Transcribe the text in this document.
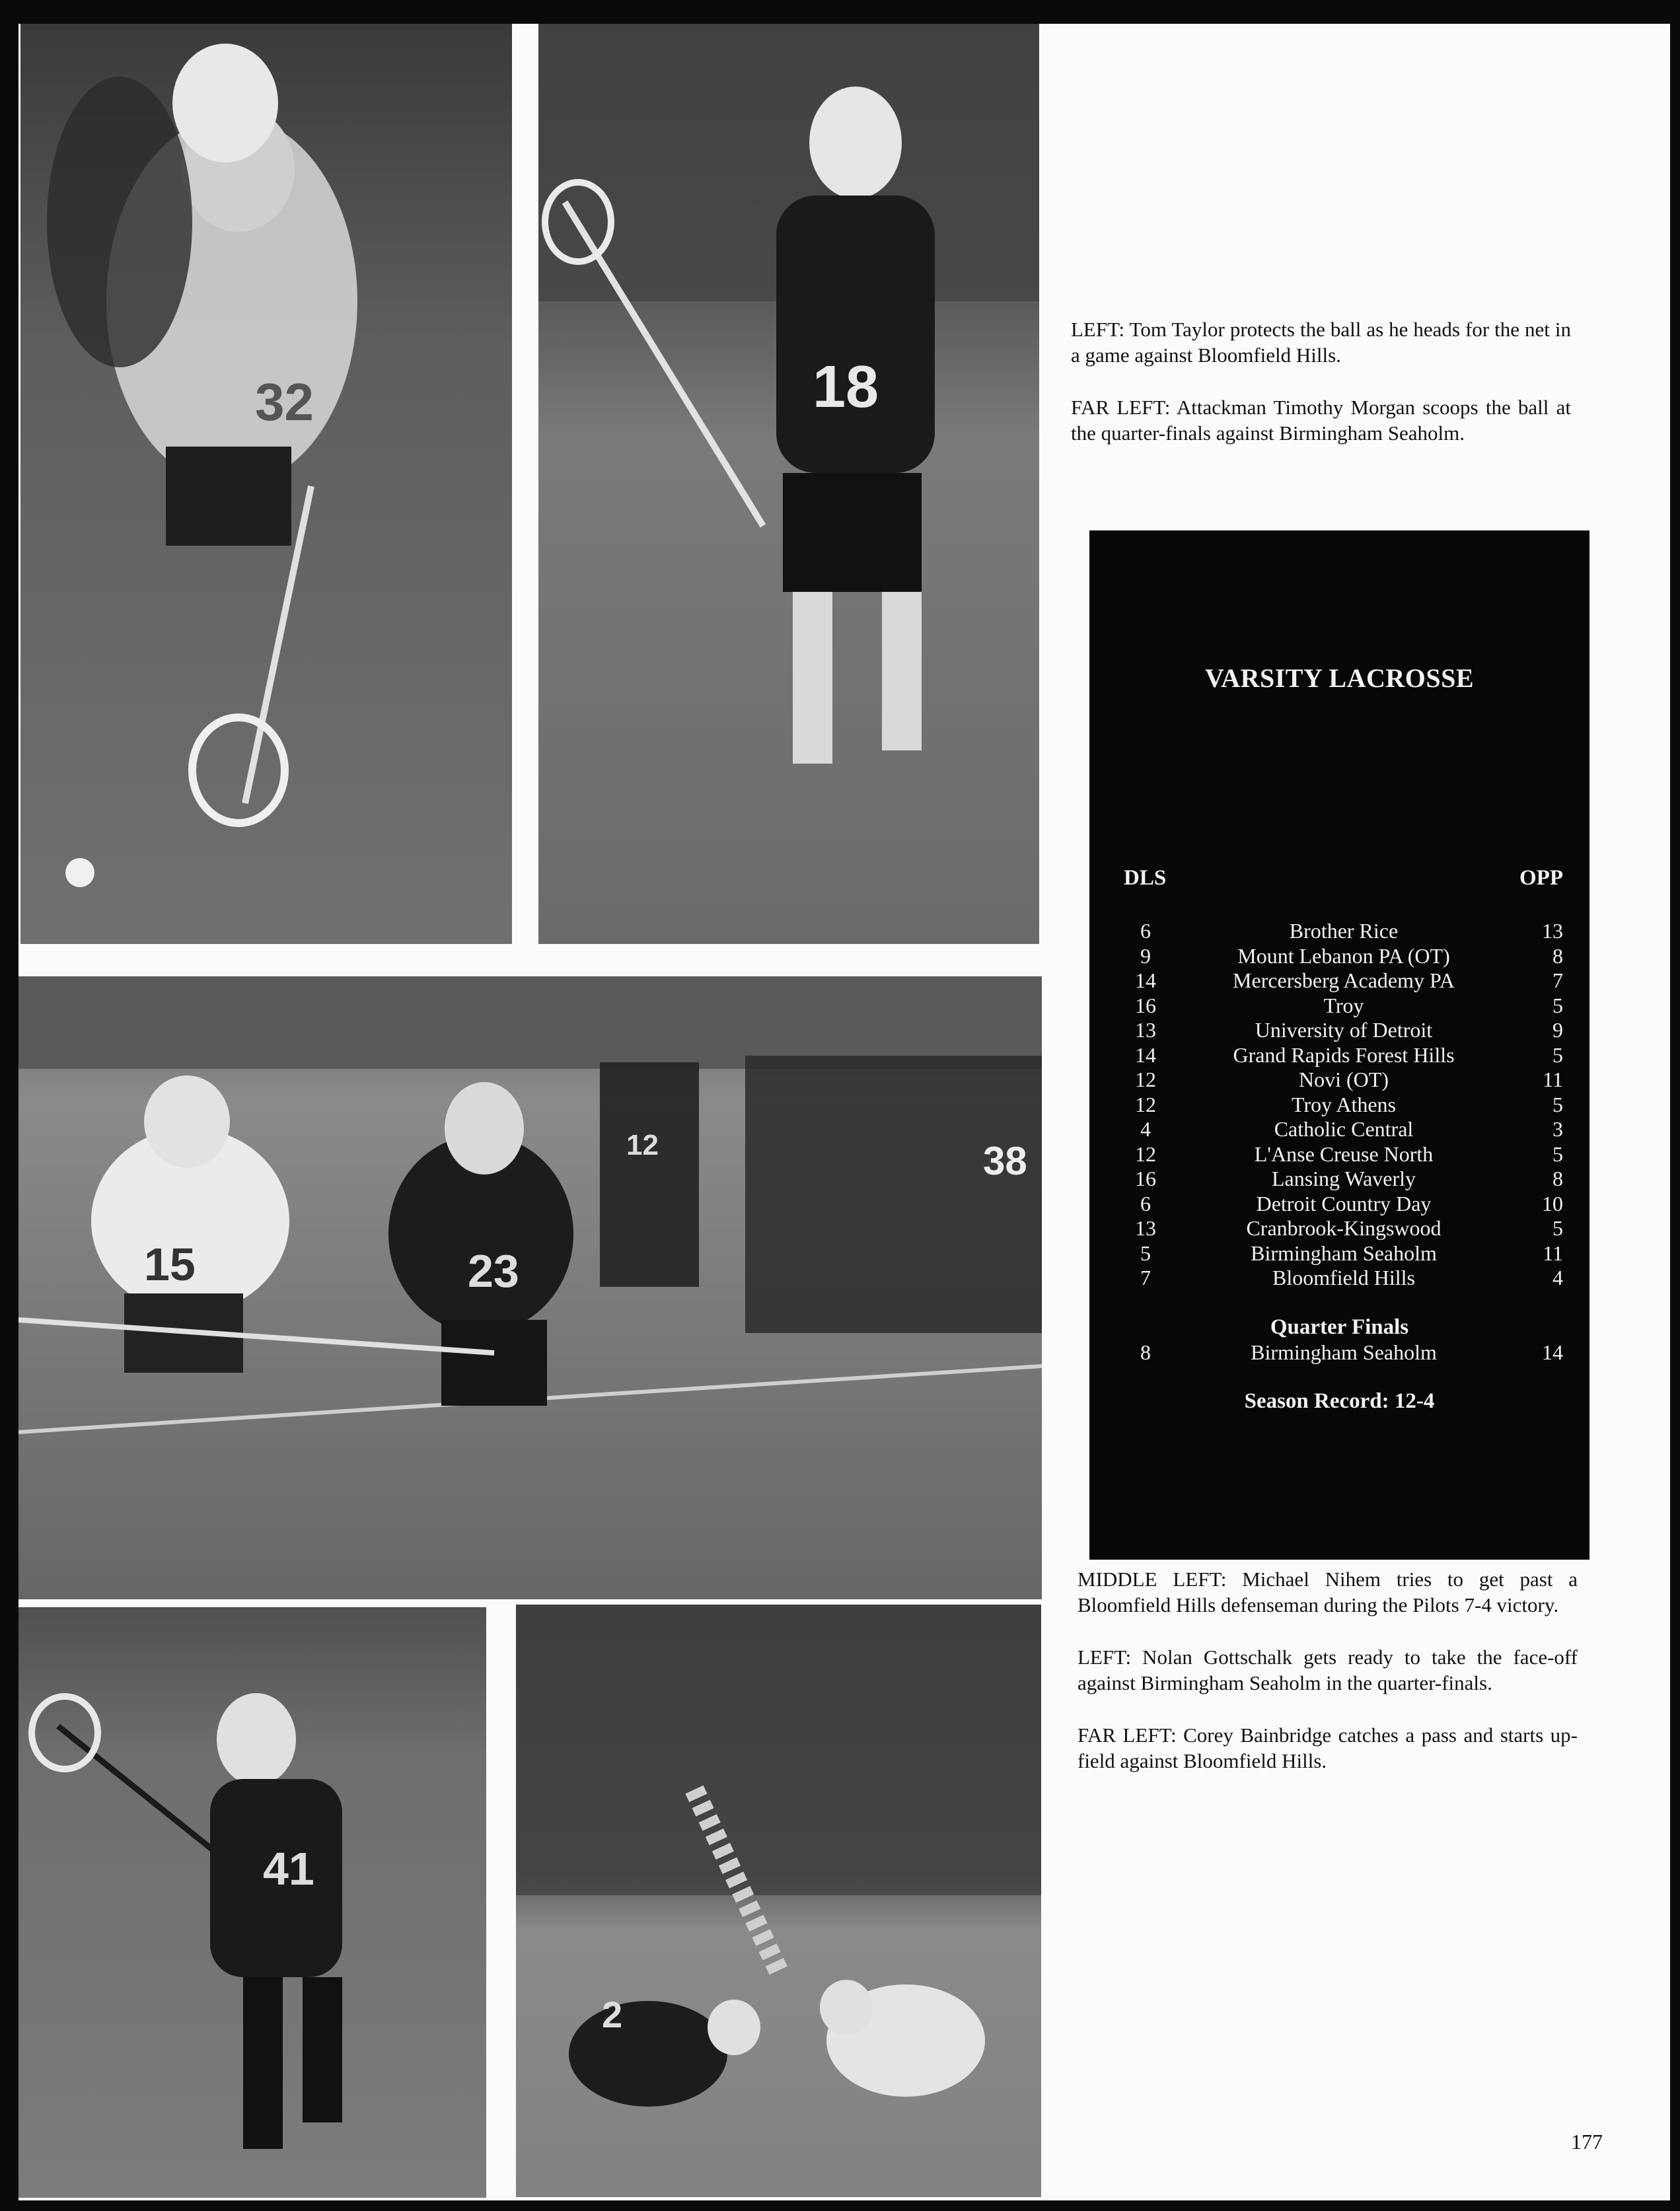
32	18
15	23
12	38
41
2

LEFT: Tom Taylor protects the ball as he heads for the net in a game against Bloomfield Hills.

FAR LEFT: Attackman Timothy Morgan scoops the ball at the quarter-finals against Birmingham Seaholm.

VARSITY LACROSSE
DLS	OPP
6	Brother Rice	13
9	Mount Lebanon PA (OT)	8
14	Mercersberg Academy PA	7
16	Troy	5
13	University of Detroit	9
14	Grand Rapids Forest Hills	5
12	Novi (OT)	11
12	Troy Athens	5
4	Catholic Central	3
12	L'Anse Creuse North	5
16	Lansing Waverly	8
6	Detroit Country Day	10
13	Cranbrook-Kingswood	5
5	Birmingham Seaholm	11
7	Bloomfield Hills	4
Quarter Finals
8	Birmingham Seaholm	14
Season Record: 12-4

MIDDLE LEFT: Michael Nihem tries to get past a Bloomfield Hills defenseman during the Pilots 7-4 victory.

LEFT: Nolan Gottschalk gets ready to take the face-off against Birmingham Seaholm in the quarter-finals.

FAR LEFT: Corey Bainbridge catches a pass and starts up-field against Bloomfield Hills.

177
